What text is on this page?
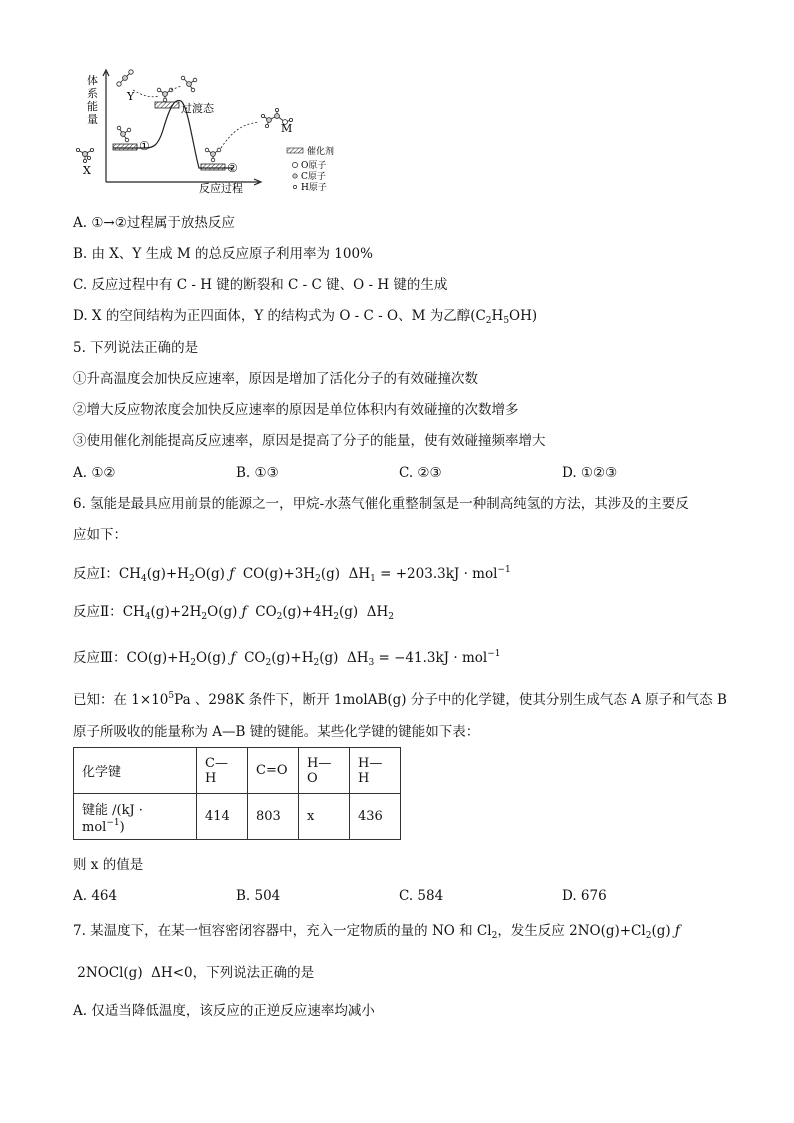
体系能量
反应过程
①
②
过渡态
X
Y
M
催化剂
O原子
C原子
H原子
A. ①→②过程属于放热反应
B. 由 X、Y 生成 M 的总反应原子利用率为 100%
C. 反应过程中有 C - H 键的断裂和 C - C 键、O - H 键的生成
D. X 的空间结构为正四面体，Y 的结构式为 O - C - O、M 为乙醇$(C_2H_5OH)$
5. 下列说法正确的是
①升高温度会加快反应速率，原因是增加了活化分子的有效碰撞次数
②增大反应物浓度会加快反应速率的原因是单位体积内有效碰撞的次数增多
③使用催化剂能提高反应速率，原因是提高了分子的能量，使有效碰撞频率增大
A. ①②	B. ①③	C. ②③	D. ①②③
6. 氢能是最具应用前景的能源之一，甲烷-水蒸气催化重整制氢是一种制高纯氢的方法，其涉及的主要反
应如下：
反应Ⅰ：$CH_4(g)+H_2O(g)$ ƒ  $CO(g)+3H_2(g) \Delta H_1 = +203.3kJ \cdot mol^{-1}$
反应Ⅱ：$CH_4(g)+2H_2O(g)$ ƒ  $CO_2(g)+4H_2(g)$  $\Delta H_2$
反应Ⅲ：$CO(g)+H_2O(g)$ ƒ  $CO_2(g)+H_2(g) \Delta H_3 = -41.3kJ \cdot mol^{-1}$
已知：在 $1\times 10^5Pa$ 、298K 条件下，断开 1molAB(g) 分子中的化学键，使其分别生成气态 A 原子和气态 B
原子所吸收的能量称为 A—B 键的键能。某些化学键的键能如下表：
化学键	C—H	C=O	H—O	H—H
键能 /(kJ · mol$^{-1}$)	414	803	x	436
则 x 的值是
A. 464	B. 504	C. 584	D. 676
7. 某温度下，在某一恒容密闭容器中，充入一定物质的量的 NO 和 $Cl_2$，发生反应 $2NO(g)+Cl_2(g)$ ƒ
2NOCl(g)  ΔH<0，下列说法正确的是
A. 仅适当降低温度，该反应的正逆反应速率均减小
